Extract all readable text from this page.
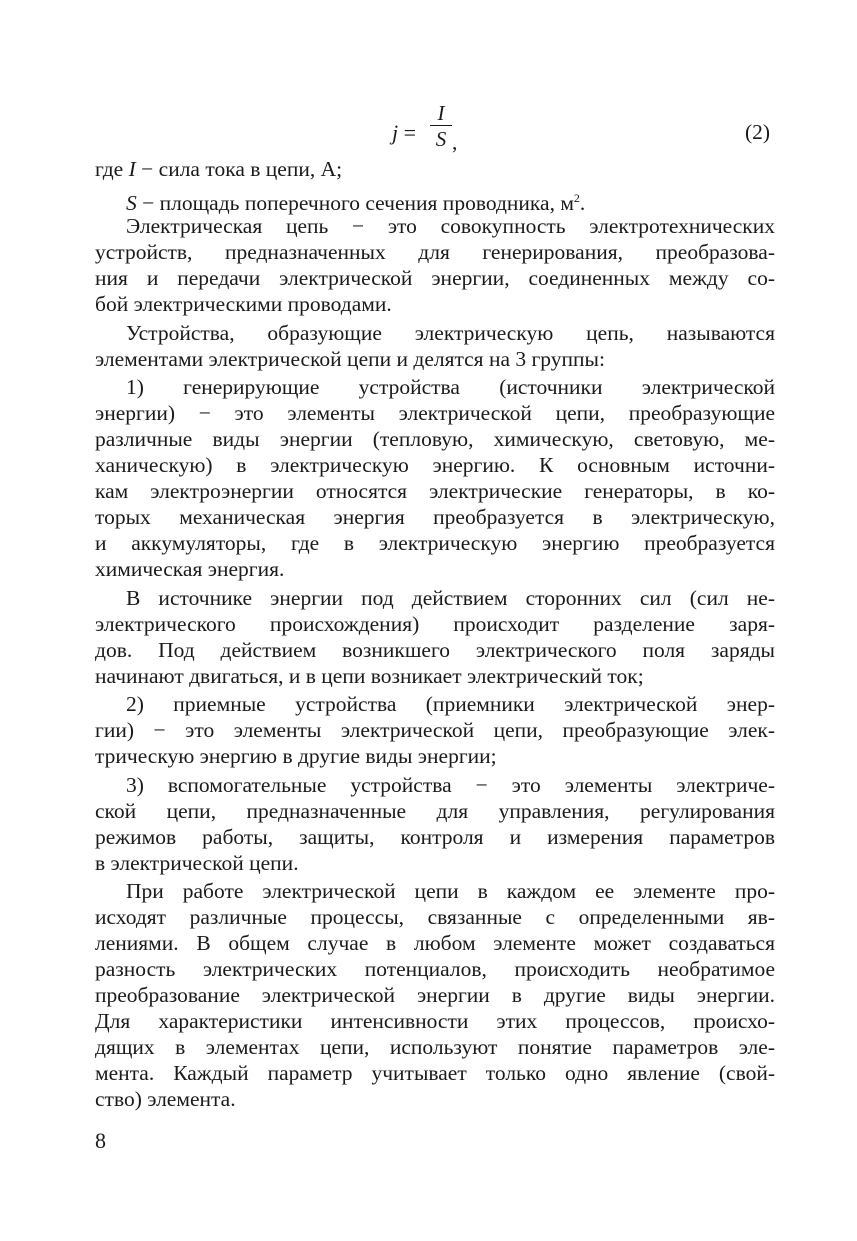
j =
I
S ,	(2)
где I − сила тока в цепи, А;
S − площадь поперечного сечения проводника, $м^2$.
Электрическая цепь − это совокупность электротехнических
устройств, предназначенных для генерирования, преобразова-
ния и передачи электрической энергии, соединенных между со-
бой электрическими проводами.
Устройства, образующие электрическую цепь, называются
элементами электрической цепи и делятся на 3 группы:
1) генерирующие устройства (источники электрической
энергии) − это элементы электрической цепи, преобразующие
различные виды энергии (тепловую, химическую, световую, ме-
ханическую) в электрическую энергию. К основным источни-
кам электроэнергии относятся электрические генераторы, в ко-
торых механическая энергия преобразуется в электрическую,
и аккумуляторы, где в электрическую энергию преобразуется
химическая энергия.
В источнике энергии под действием сторонних сил (сил не-
электрического происхождения) происходит разделение заря-
дов. Под действием возникшего электрического поля заряды
начинают двигаться, и в цепи возникает электрический ток;
2) приемные устройства (приемники электрической энер-
гии) − это элементы электрической цепи, преобразующие элек-
трическую энергию в другие виды энергии;
3) вспомогательные устройства − это элементы электриче-
ской цепи, предназначенные для управления, регулирования
режимов работы, защиты, контроля и измерения параметров
в электрической цепи.
При работе электрической цепи в каждом ее элементе про-
исходят различные процессы, связанные с определенными яв-
лениями. В общем случае в любом элементе может создаваться
разность электрических потенциалов, происходить необратимое
преобразование электрической энергии в другие виды энергии.
Для характеристики интенсивности этих процессов, происхо-
дящих в элементах цепи, используют понятие параметров эле-
мента. Каждый параметр учитывает только одно явление (свой-
ство) элемента.
8
